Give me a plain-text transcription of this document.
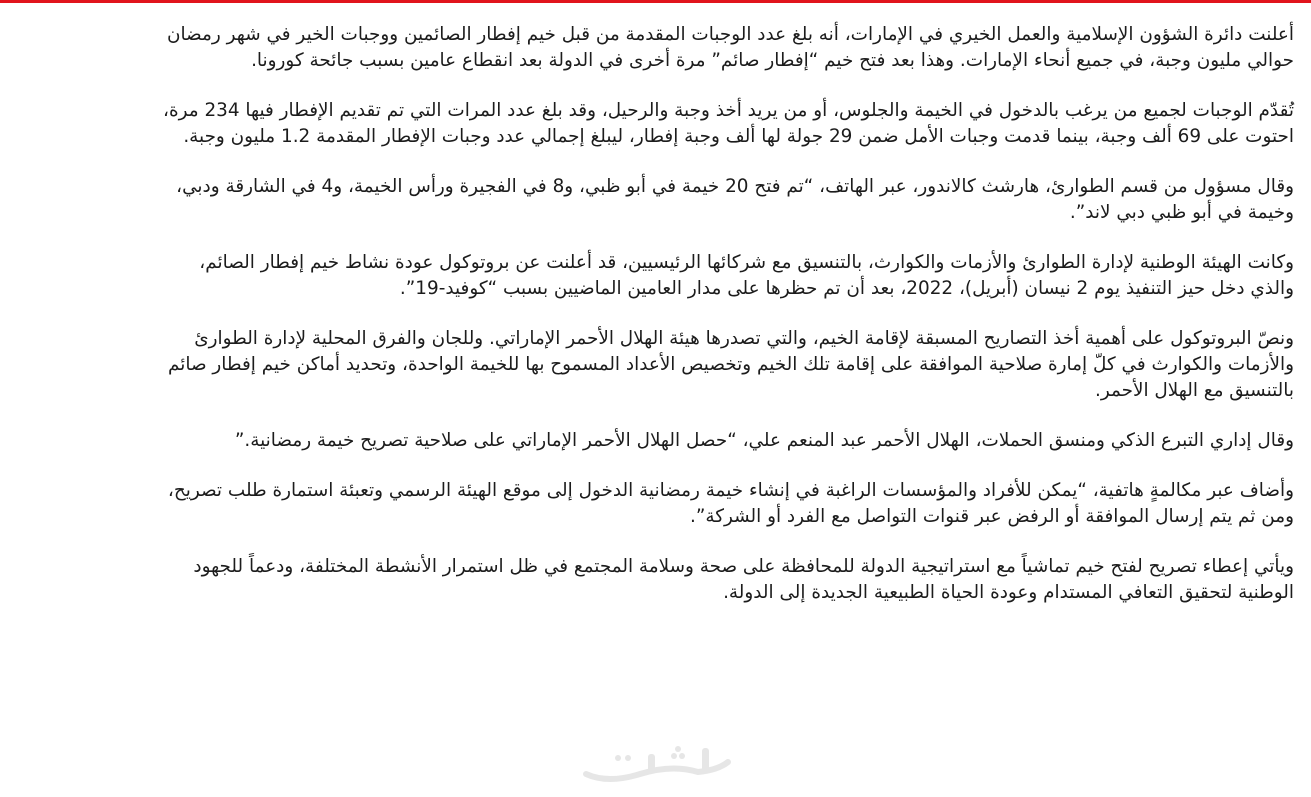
أعلنت دائرة الشؤون الإسلامية والعمل الخيري في الإمارات، أنه بلغ عدد الوجبات المقدمة من قبل خيم إفطار الصائمين ووجبات الخير في شهر رمضان
حوالي مليون وجبة، في جميع أنحاء الإمارات. وهذا بعد فتح خيم “إفطار صائم” مرة أخرى في الدولة بعد انقطاع عامين بسبب جائحة كورونا.

تُقدّم الوجبات لجميع من يرغب بالدخول في الخيمة والجلوس، أو من يريد أخذ وجبة والرحيل، وقد بلغ عدد المرات التي تم تقديم الإفطار فيها 234 مرة،
احتوت على 69 ألف وجبة، بينما قدمت وجبات الأمل ضمن 29 جولة لها ألف وجبة إفطار، ليبلغ إجمالي عدد وجبات الإفطار المقدمة 1.2 مليون وجبة.

وقال مسؤول من قسم الطوارئ، هارشث كالاندور، عبر الهاتف، “تم فتح 20 خيمة في أبو ظبي، و8 في الفجيرة ورأس الخيمة، و4 في الشارقة ودبي،
وخيمة في أبو ظبي دبي لاند”.

وكانت الهيئة الوطنية لإدارة الطوارئ والأزمات والكوارث، بالتنسيق مع شركائها الرئيسيين، قد أعلنت عن بروتوكول عودة نشاط خيم إفطار الصائم،
والذي دخل حيز التنفيذ يوم 2 نيسان (أبريل)، 2022، بعد أن تم حظرها على مدار العامين الماضيين بسبب “كوفيد-19”.

ونصّ البروتوكول على أهمية أخذ التصاريح المسبقة لإقامة الخيم، والتي تصدرها هيئة الهلال الأحمر الإماراتي. وللجان والفرق المحلية لإدارة الطوارئ
والأزمات والكوارث في كلّ إمارة صلاحية الموافقة على إقامة تلك الخيم وتخصيص الأعداد المسموح بها للخيمة الواحدة، وتحديد أماكن خيم إفطار صائم
بالتنسيق مع الهلال الأحمر.

وقال إداري التبرع الذكي ومنسق الحملات، الهلال الأحمر عبد المنعم علي، “حصل الهلال الأحمر الإماراتي على صلاحية تصريح خيمة رمضانية.”

وأضاف عبر مكالمةٍ هاتفية، “يمكن للأفراد والمؤسسات الراغبة في إنشاء خيمة رمضانية الدخول إلى موقع الهيئة الرسمي وتعبئة استمارة طلب تصريح،
ومن ثم يتم إرسال الموافقة أو الرفض عبر قنوات التواصل مع الفرد أو الشركة”.

ويأتي إعطاء تصريح لفتح خيم تماشياً مع استراتيجية الدولة للمحافظة على صحة وسلامة المجتمع في ظل استمرار الأنشطة المختلفة، ودعماً للجهود
الوطنية لتحقيق التعافي المستدام وعودة الحياة الطبيعية الجديدة إلى الدولة.
